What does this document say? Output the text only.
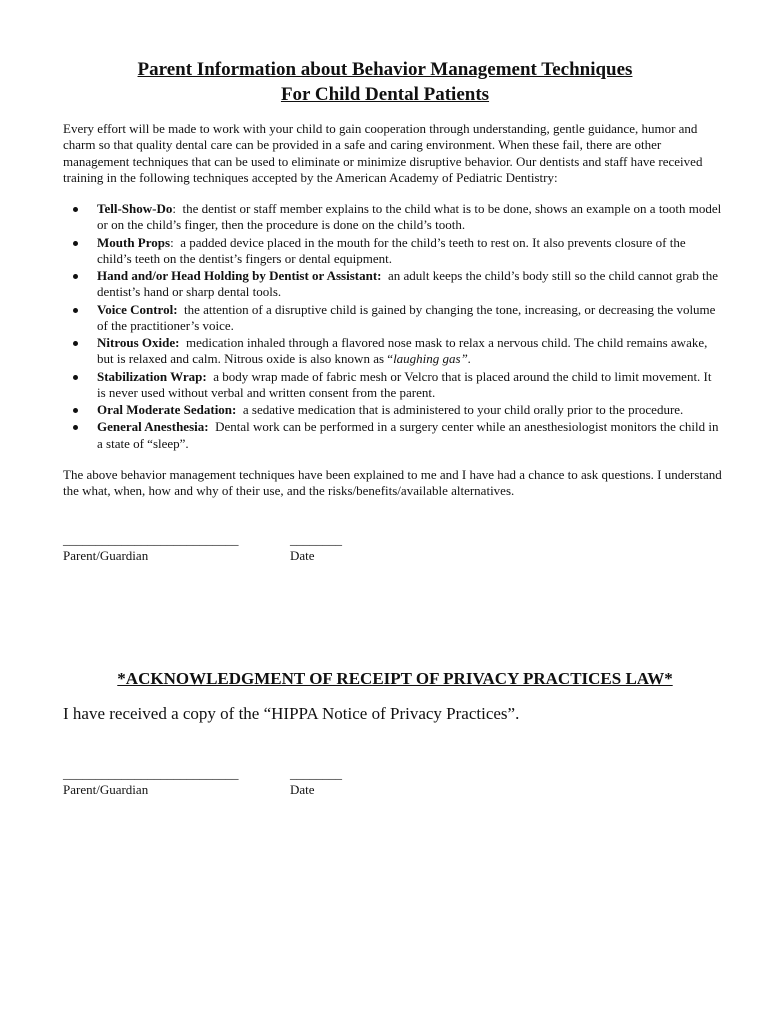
Parent Information about Behavior Management Techniques
For Child Dental Patients

Every effort will be made to work with your child to gain cooperation through understanding, gentle guidance, humor and charm so that quality dental care can be provided in a safe and caring environment. When these fail, there are other management techniques that can be used to eliminate or minimize disruptive behavior. Our dentists and staff have received training in the following techniques accepted by the American Academy of Pediatric Dentistry:

Tell-Show-Do:  the dentist or staff member explains to the child what is to be done, shows an example on a tooth model or on the child’s finger, then the procedure is done on the child’s tooth.
Mouth Props:  a padded device placed in the mouth for the child’s teeth to rest on. It also prevents closure of the child’s teeth on the dentist’s fingers or dental equipment.
Hand and/or Head Holding by Dentist or Assistant: an adult keeps the child’s body still so the child cannot grab the dentist’s hand or sharp dental tools.
Voice Control: the attention of a disruptive child is gained by changing the tone, increasing, or decreasing the volume of the practitioner’s voice.
Nitrous Oxide: medication inhaled through a flavored nose mask to relax a nervous child. The child remains awake, but is relaxed and calm. Nitrous oxide is also known as “laughing gas”.
Stabilization Wrap: a body wrap made of fabric mesh or Velcro that is placed around the child to limit movement. It is never used without verbal and written consent from the parent.
Oral Moderate Sedation: a sedative medication that is administered to your child orally prior to the procedure.
General Anesthesia: Dental work can be performed in a surgery center while an anesthesiologist monitors the child in a state of “sleep”.

The above behavior management techniques have been explained to me and I have had a chance to ask questions. I understand the what, when, how and why of their use, and the risks/benefits/available alternatives.

___________________________	________
Parent/Guardian	Date
*ACKNOWLEDGMENT OF RECEIPT OF PRIVACY PRACTICES LAW*

I have received a copy of the “HIPPA Notice of Privacy Practices”.

___________________________	________
Parent/Guardian	Date
